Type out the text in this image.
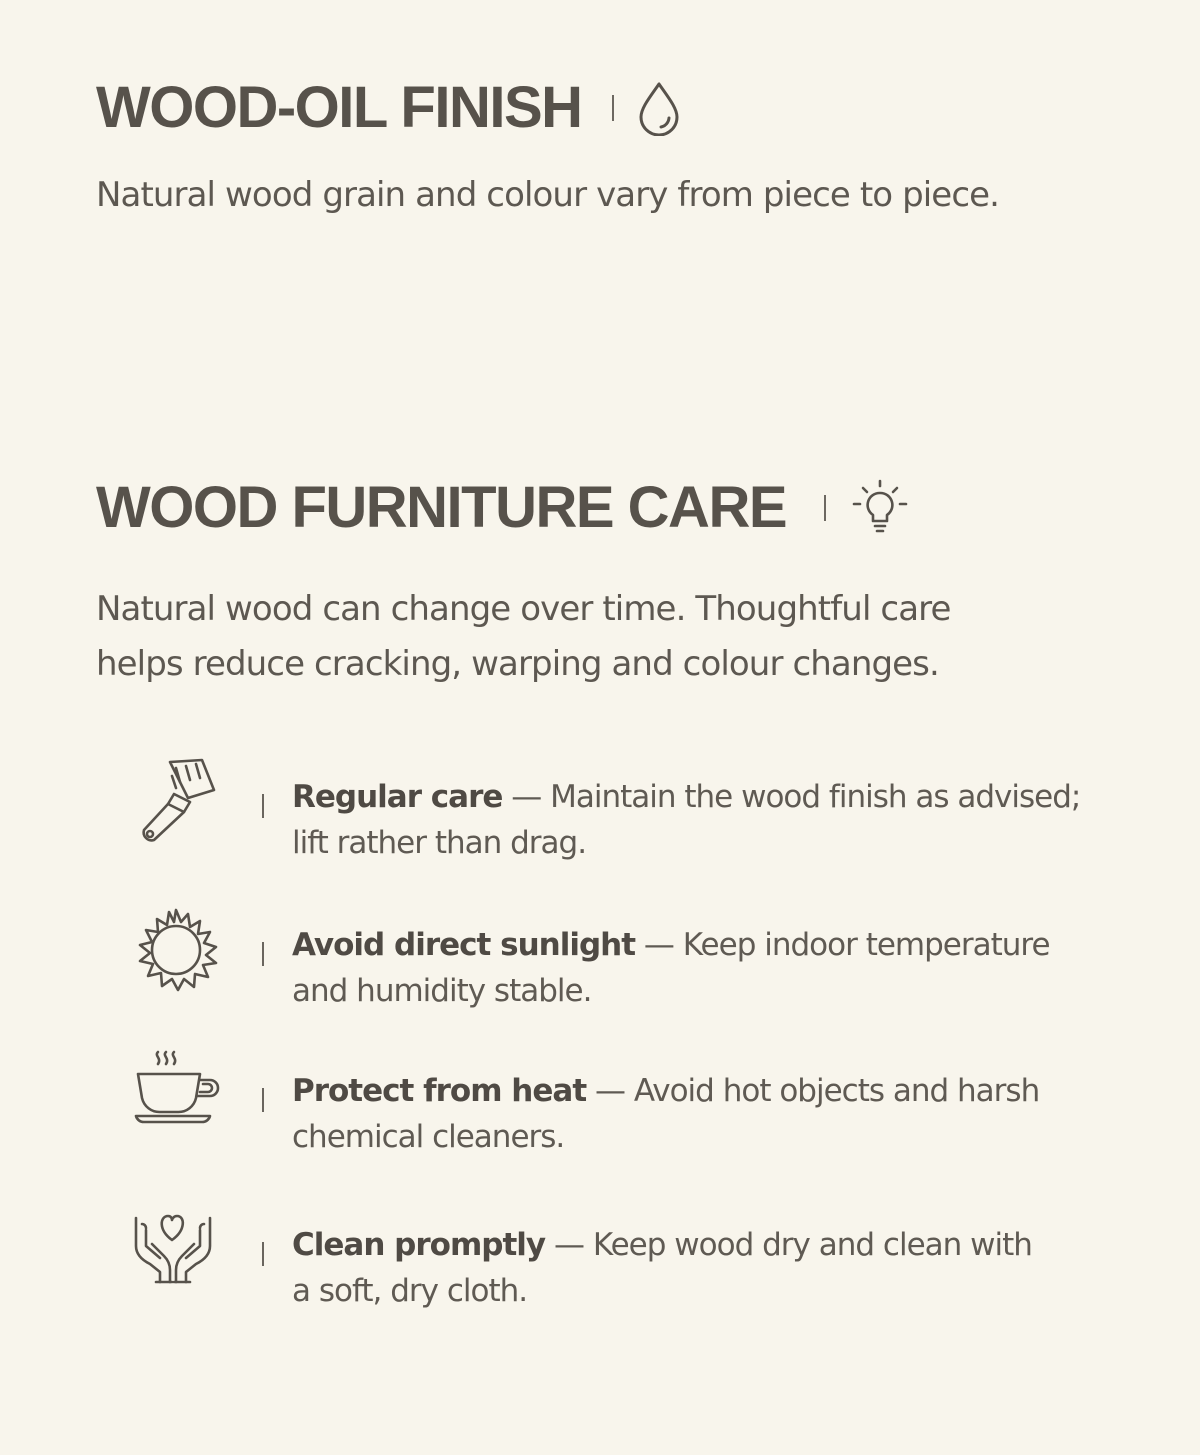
WOOD-OIL FINISH

Natural wood grain and colour vary from piece to piece.

WOOD FURNITURE CARE

Natural wood can change over time. Thoughtful care
helps reduce cracking, warping and colour changes.

Regular care — Maintain the wood finish as advised;
lift rather than drag.

Avoid direct sunlight — Keep indoor temperature
and humidity stable.

Protect from heat — Avoid hot objects and harsh
chemical cleaners.

Clean promptly — Keep wood dry and clean with
a soft, dry cloth.
